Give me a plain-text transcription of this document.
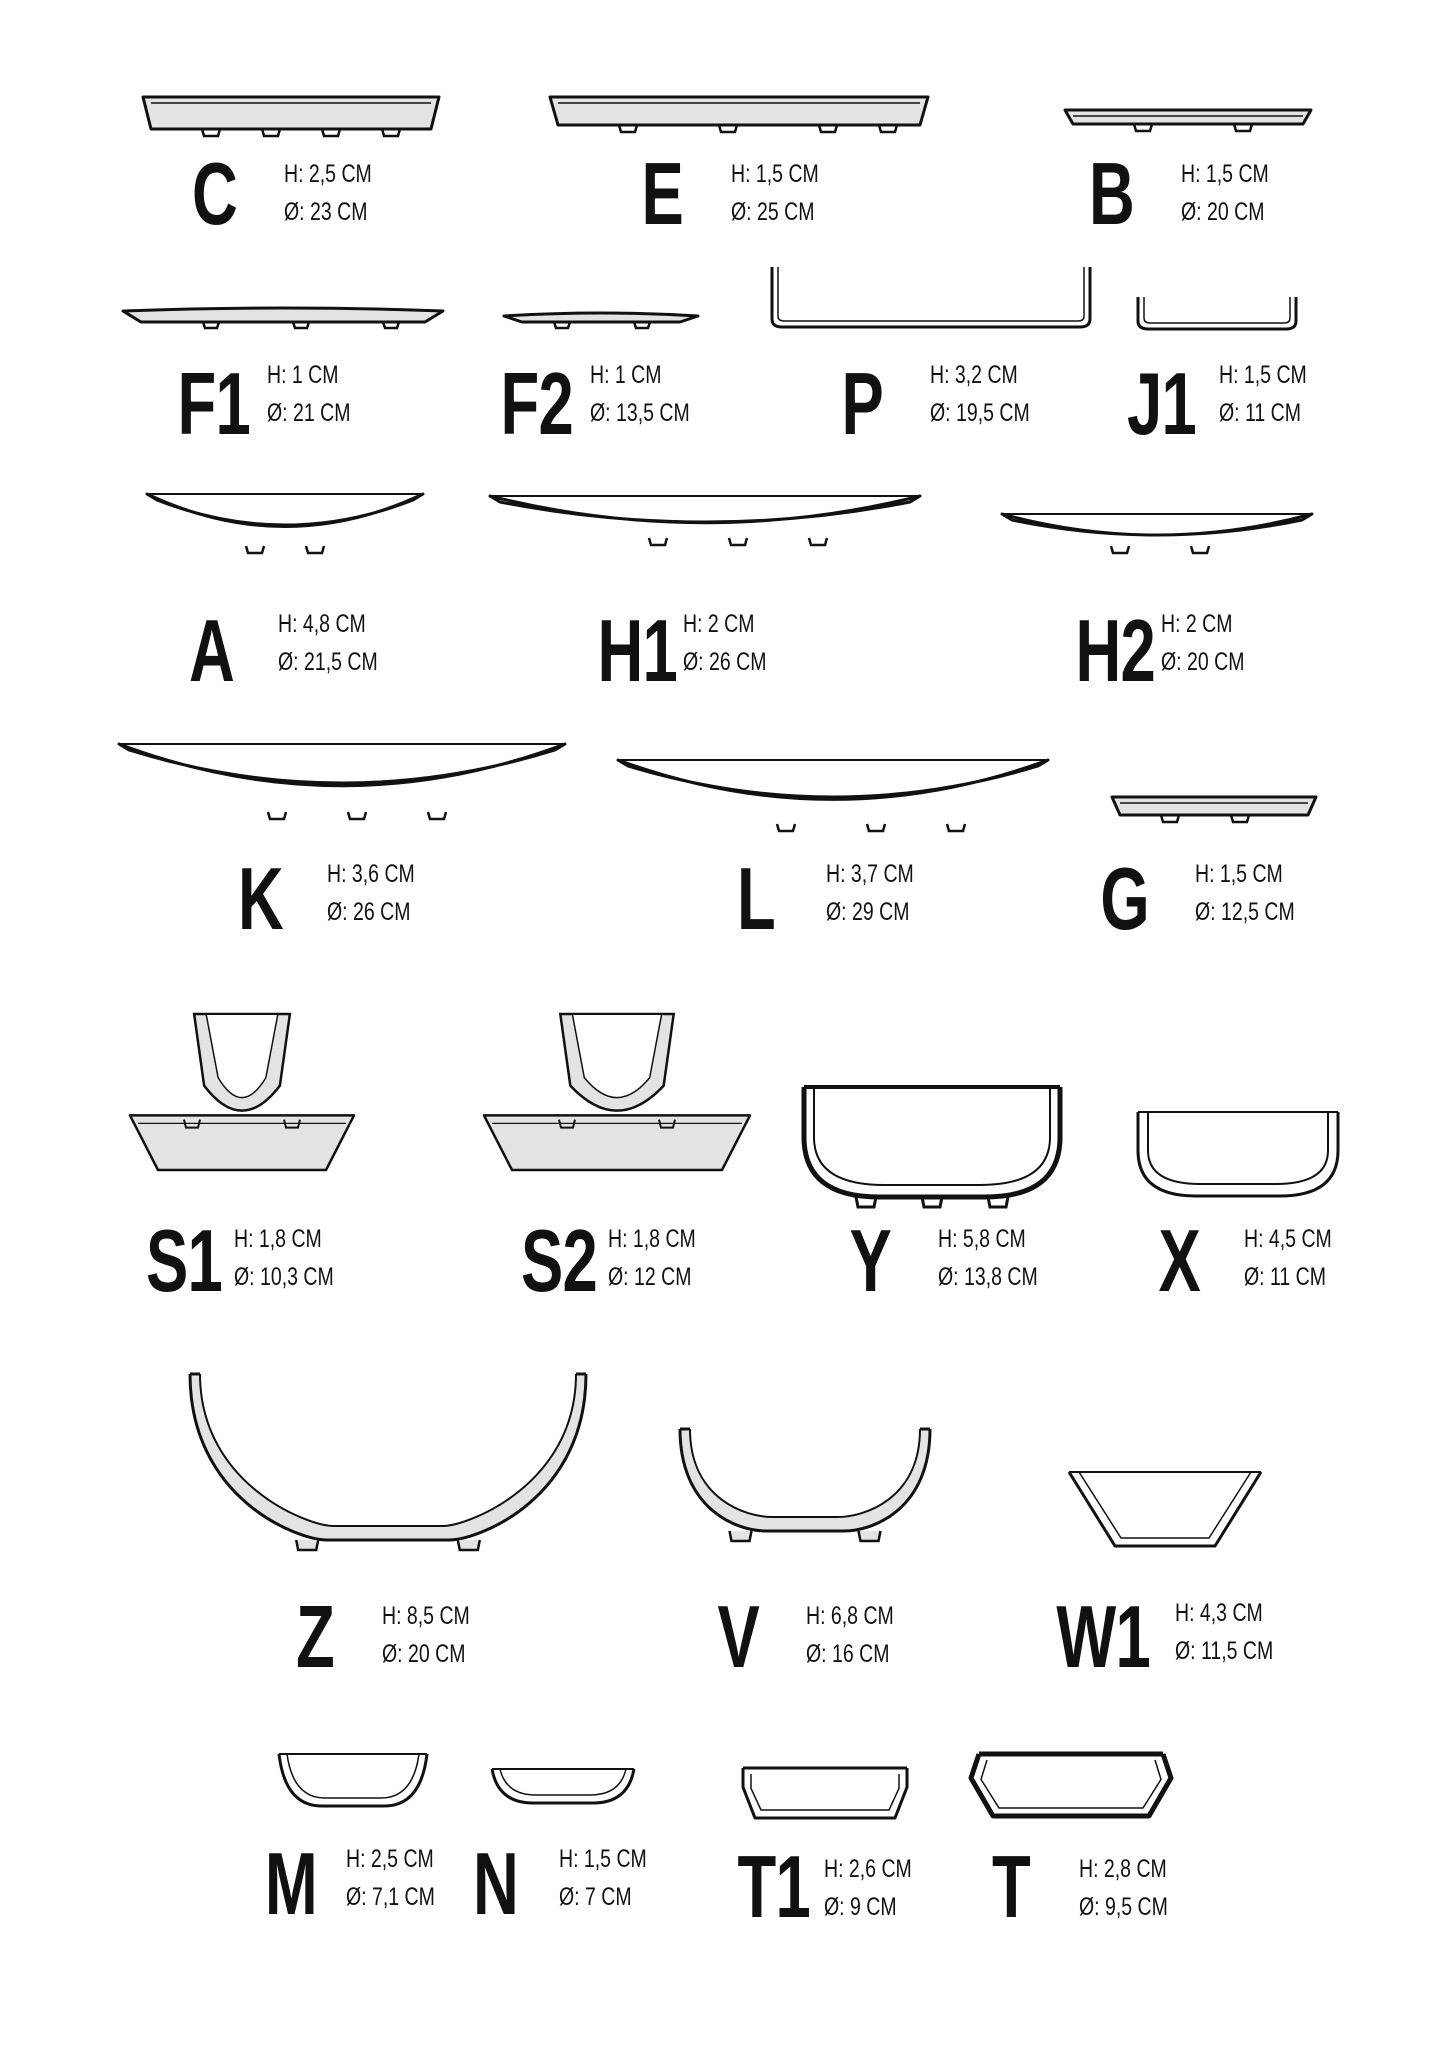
C H: 2,5 CM
Ø: 23 CM	E H: 1,5 CM
Ø: 25 CM	B H: 1,5 CM
Ø: 20 CM
F1 H: 1 CM
Ø: 21 CM	F2 H: 1 CM
Ø: 13,5 CM	P H: 3,2 CM
Ø: 19,5 CM	J1 H: 1,5 CM
Ø: 11 CM
A H: 4,8 CM
Ø: 21,5 CM	H1 H: 2 CM
Ø: 26 CM	H2 H: 2 CM
Ø: 20 CM
K H: 3,6 CM
Ø: 26 CM	L H: 3,7 CM
Ø: 29 CM	G H: 1,5 CM
Ø: 12,5 CM
S1 H: 1,8 CM
Ø: 10,3 CM	S2 H: 1,8 CM
Ø: 12 CM	Y H: 5,8 CM
Ø: 13,8 CM	X H: 4,5 CM
Ø: 11 CM
Z H: 8,5 CM
Ø: 20 CM	V H: 6,8 CM
Ø: 16 CM	W1 H: 4,3 CM
Ø: 11,5 CM
M H: 2,5 CM
Ø: 7,1 CM N H: 1,5 CM
Ø: 7 CM	T1 H: 2,6 CM
Ø: 9 CM	T H: 2,8 CM
Ø: 9,5 CM
